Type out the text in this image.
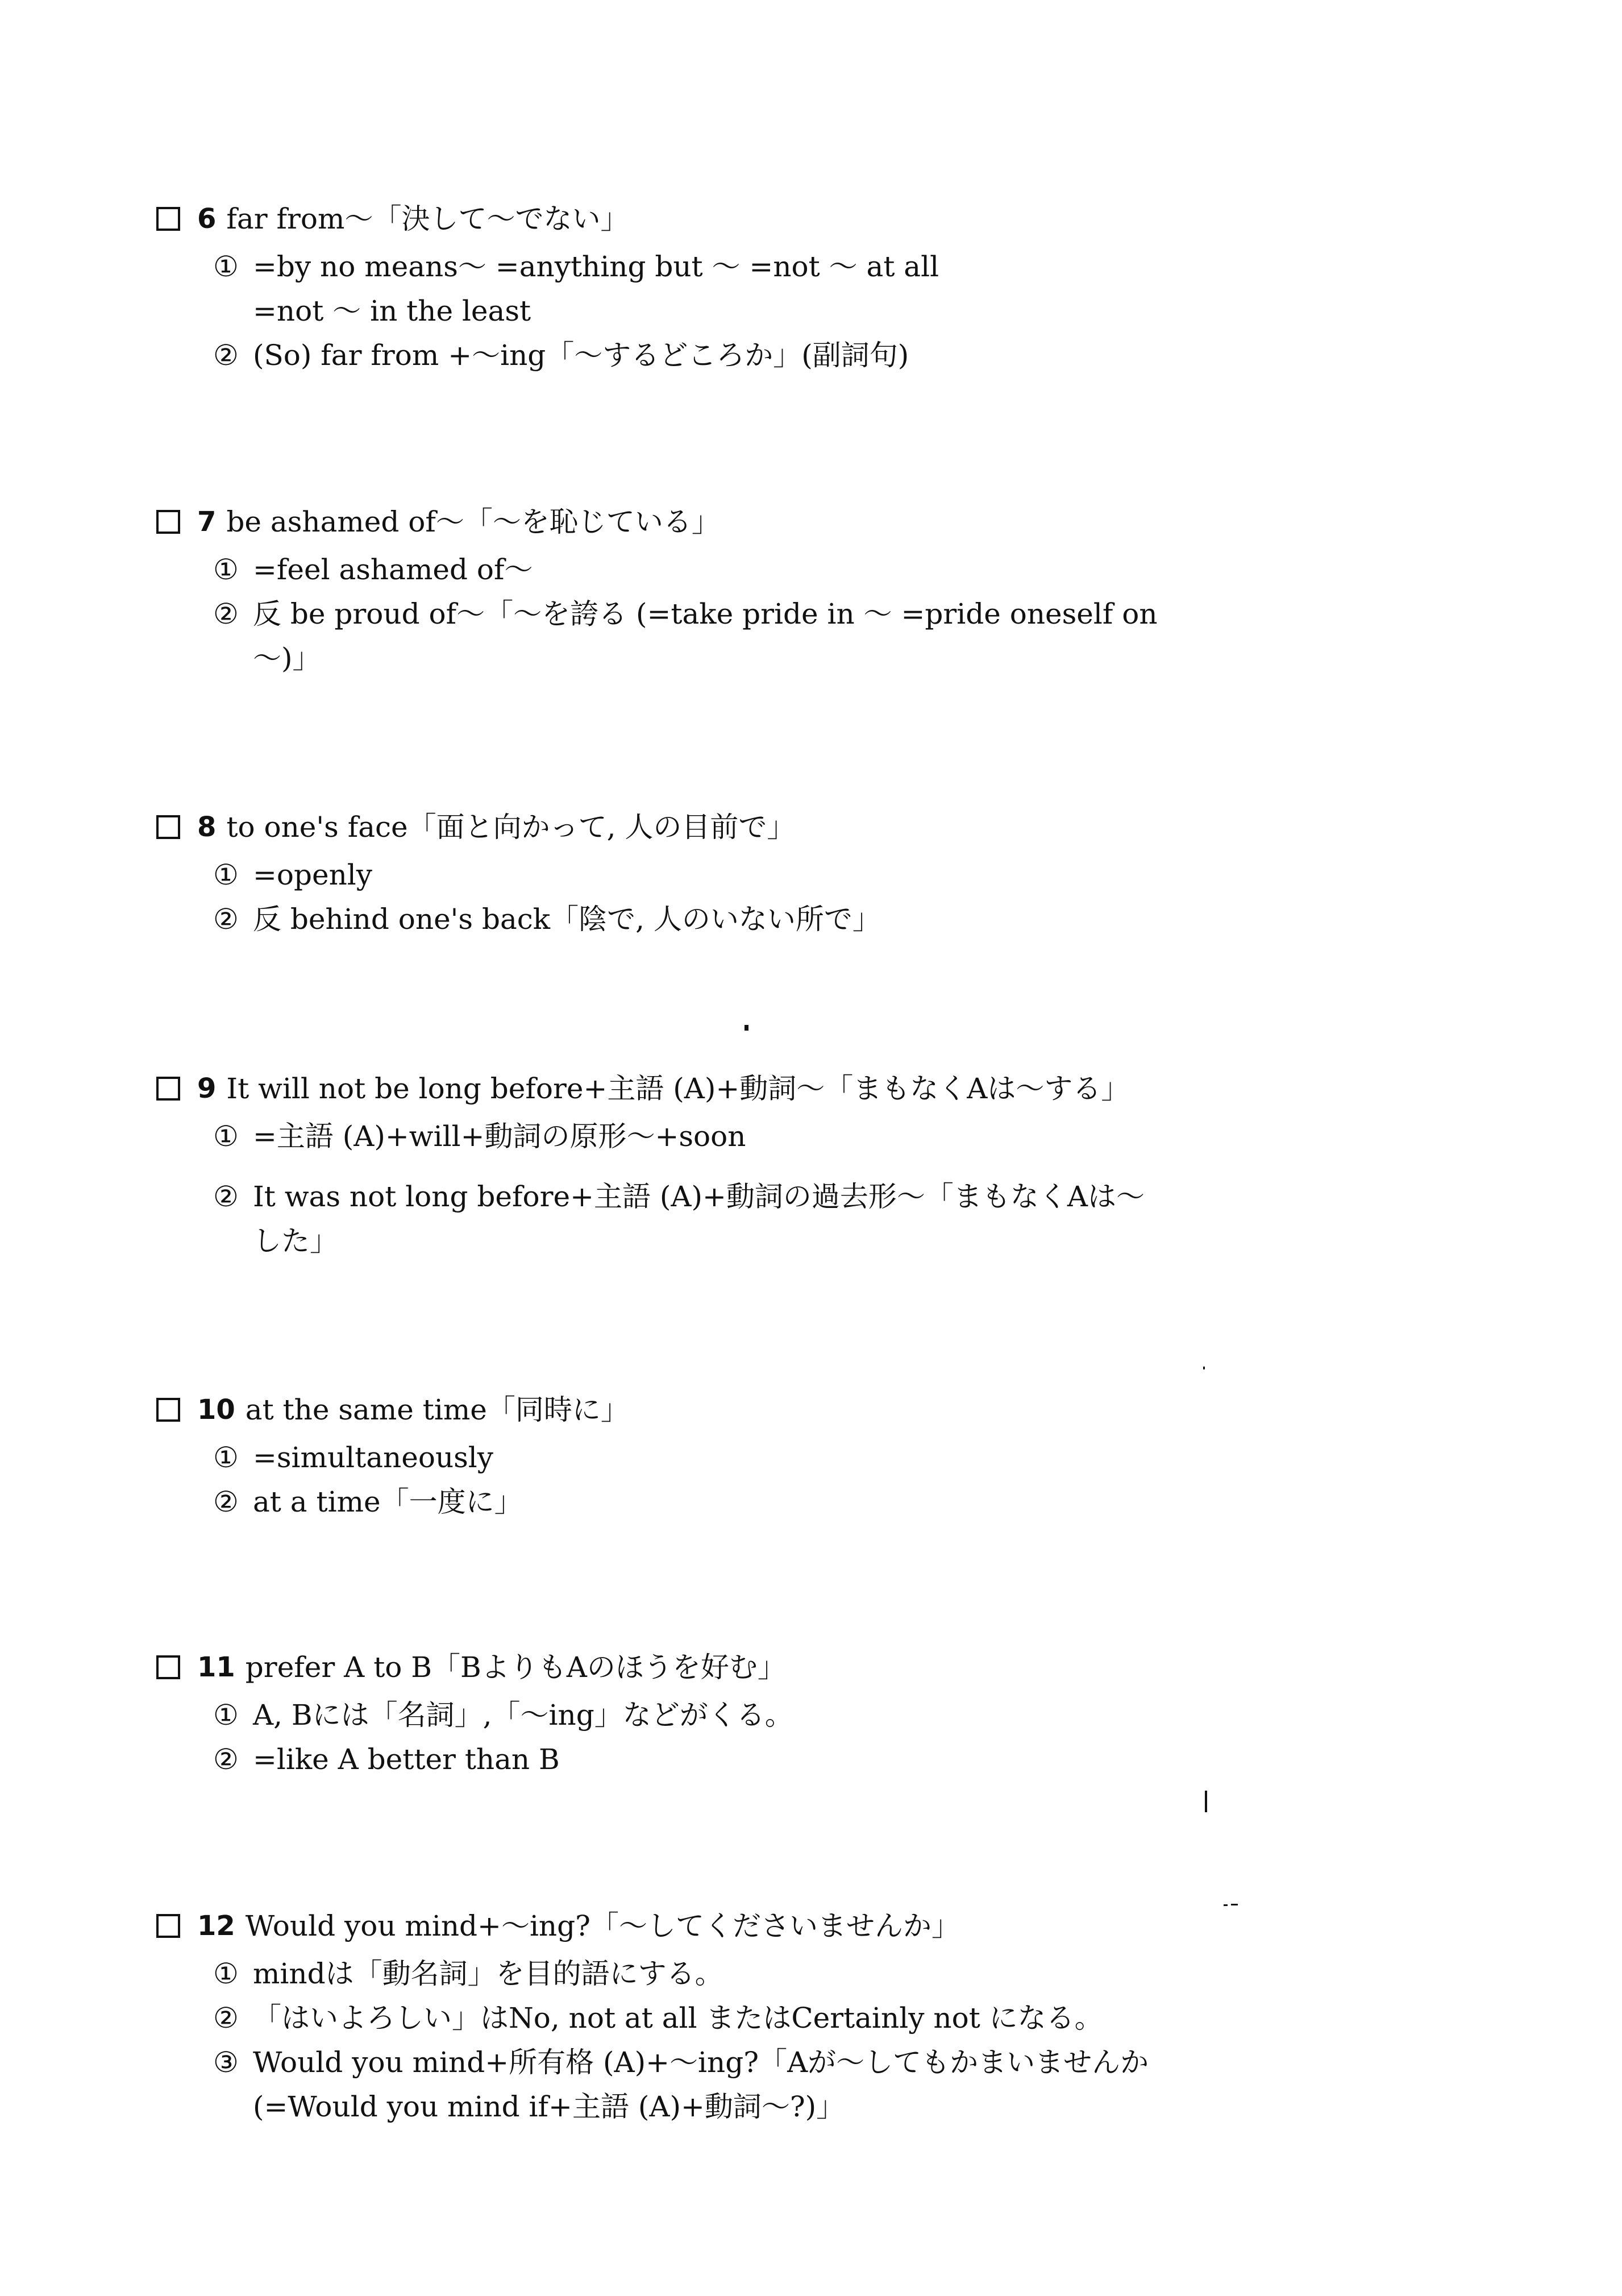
6 far from〜「決して〜でない」
① =by no means〜 =anything but 〜 =not 〜 at all
=not 〜 in the least
② (So) far from +〜ing「〜するどころか」(副詞句)
7 be ashamed of〜「〜を恥じている」
① =feel ashamed of〜
② 反 be proud of〜「〜を誇る (=take pride in 〜 =pride oneself on
〜)」
8 to one's face「面と向かって, 人の目前で」
① =openly
② 反 behind one's back「陰で, 人のいない所で」
9 It will not be long before+主語 (A)+動詞〜「まもなくAは〜する」
① =主語 (A)+will+動詞の原形〜+soon
② It was not long before+主語 (A)+動詞の過去形〜「まもなくAは〜
した」
10 at the same time「同時に」
① =simultaneously
② at a time「一度に」
11 prefer A to B「BよりもAのほうを好む」
① A, Bには「名詞」,「〜ing」などがくる。
② =like A better than B
12 Would you mind+〜ing?「〜してくださいませんか」
① mindは「動名詞」を目的語にする。
② 「はいよろしい」はNo, not at all またはCertainly not になる。
③ Would you mind+所有格 (A)+〜ing?「Aが〜してもかまいませんか
(=Would you mind if+主語 (A)+動詞〜?)」
